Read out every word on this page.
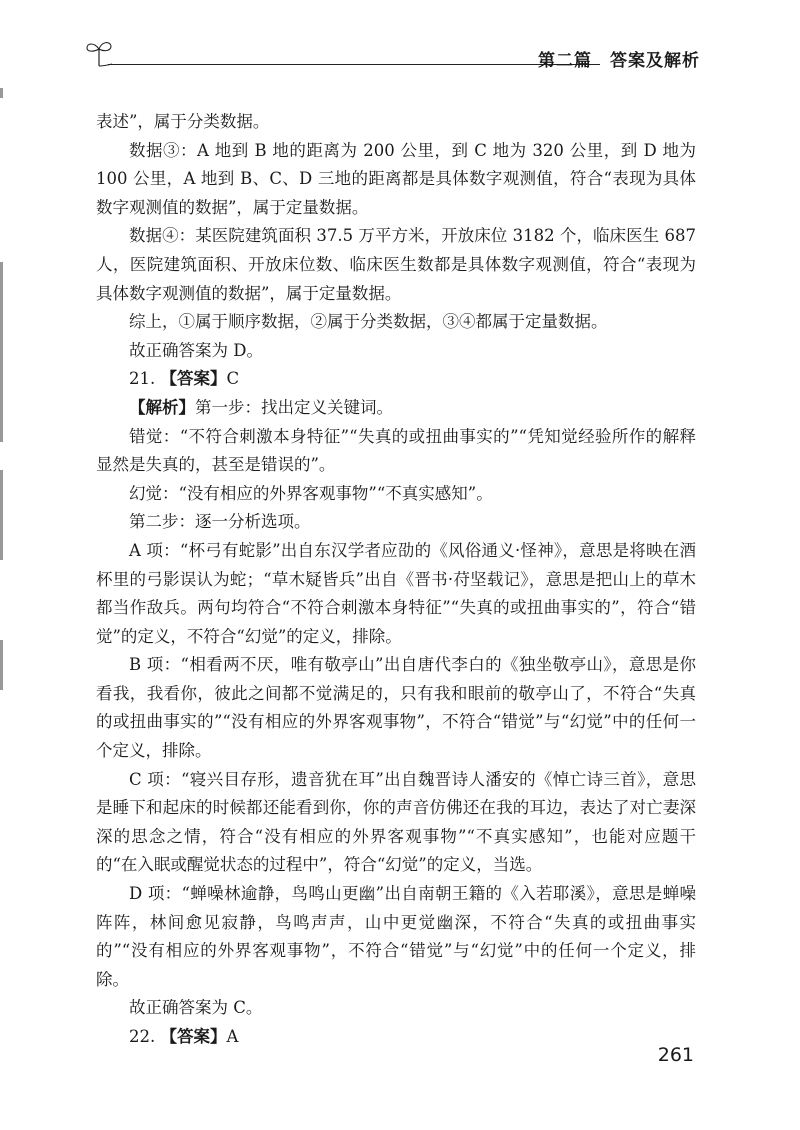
第二篇　答案及解析

表述”，属于分类数据。

数据③：A 地到 B 地的距离为 200 公里，到 C 地为 320 公里，到 D 地为 100 公里，A 地到 B、C、D 三地的距离都是具体数字观测值，符合“表现为具体数字观测值的数据”，属于定量数据。

数据④：某医院建筑面积 37.5 万平方米，开放床位 3182 个，临床医生 687 人，医院建筑面积、开放床位数、临床医生数都是具体数字观测值，符合“表现为具体数字观测值的数据”，属于定量数据。

综上，①属于顺序数据，②属于分类数据，③④都属于定量数据。

故正确答案为 D。

21. 【答案】C

【解析】第一步：找出定义关键词。

错觉：“不符合刺激本身特征”“失真的或扭曲事实的”“凭知觉经验所作的解释显然是失真的，甚至是错误的”。

幻觉：“没有相应的外界客观事物”“不真实感知”。

第二步：逐一分析选项。

A 项：“杯弓有蛇影”出自东汉学者应劭的《风俗通义·怪神》，意思是将映在酒杯里的弓影误认为蛇；“草木疑皆兵”出自《晋书·苻坚载记》，意思是把山上的草木都当作敌兵。两句均符合“不符合刺激本身特征”“失真的或扭曲事实的”，符合“错觉”的定义，不符合“幻觉”的定义，排除。

B 项：“相看两不厌，唯有敬亭山”出自唐代李白的《独坐敬亭山》，意思是你看我，我看你，彼此之间都不觉满足的，只有我和眼前的敬亭山了，不符合“失真的或扭曲事实的”“没有相应的外界客观事物”，不符合“错觉”与“幻觉”中的任何一个定义，排除。

C 项：“寝兴目存形，遗音犹在耳”出自魏晋诗人潘安的《悼亡诗三首》，意思是睡下和起床的时候都还能看到你，你的声音仿佛还在我的耳边，表达了对亡妻深深的思念之情，符合“没有相应的外界客观事物”“不真实感知”，也能对应题干的“在入眠或醒觉状态的过程中”，符合“幻觉”的定义，当选。

D 项：“蝉噪林逾静，鸟鸣山更幽”出自南朝王籍的《入若耶溪》，意思是蝉噪阵阵，林间愈见寂静，鸟鸣声声，山中更觉幽深，不符合“失真的或扭曲事实的”“没有相应的外界客观事物”，不符合“错觉”与“幻觉”中的任何一个定义，排除。

故正确答案为 C。

22. 【答案】A

261
